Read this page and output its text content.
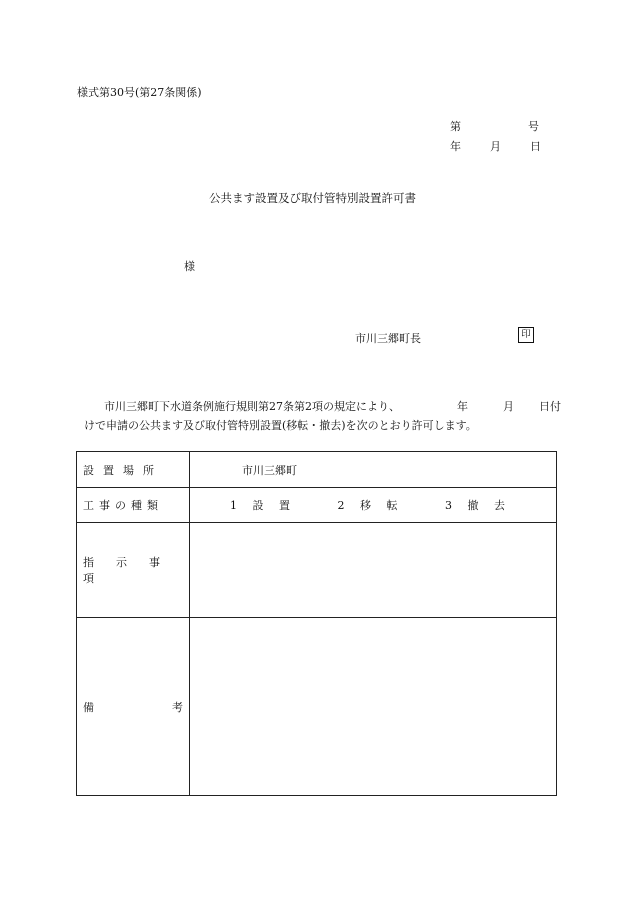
様式第30号(第27条関係)
第	号
年	月	日
公共ます設置及び取付管特別設置許可書
様
市川三郷町長	印
市川三郷町下水道条例施行規則第27条第2項の規定により、	年	月 日付
けで申請の公共ます及び取付管特別設置(移転・撤去)を次のとおり許可します。
設置場所	市川三郷町
工事の種類	1 設 置 2 移 転 3 撤 去
指示事項	

備 考	
